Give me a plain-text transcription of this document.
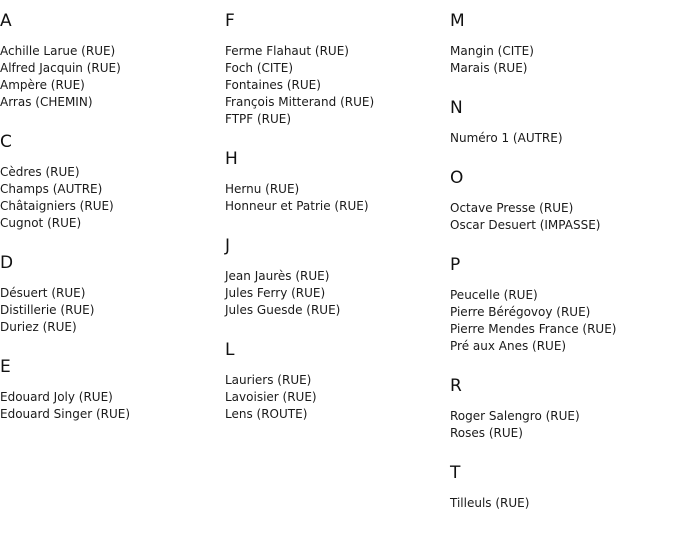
A
Achille Larue (RUE)
Alfred Jacquin (RUE)
Ampère (RUE)
Arras (CHEMIN)
C
Cèdres (RUE)
Champs (AUTRE)
Châtaigniers (RUE)
Cugnot (RUE)
D
Désuert (RUE)
Distillerie (RUE)
Duriez (RUE)
E
Edouard Joly (RUE)
Edouard Singer (RUE)
F
Ferme Flahaut (RUE)
Foch (CITE)
Fontaines (RUE)
François Mitterand (RUE)
FTPF (RUE)
H
Hernu (RUE)
Honneur et Patrie (RUE)
J
Jean Jaurès (RUE)
Jules Ferry (RUE)
Jules Guesde (RUE)
L
Lauriers (RUE)
Lavoisier (RUE)
Lens (ROUTE)
M
Mangin (CITE)
Marais (RUE)
N
Numéro 1 (AUTRE)
O
Octave Presse (RUE)
Oscar Desuert (IMPASSE)
P
Peucelle (RUE)
Pierre Bérégovoy (RUE)
Pierre Mendes France (RUE)
Pré aux Anes (RUE)
R
Roger Salengro (RUE)
Roses (RUE)
T
Tilleuls (RUE)
